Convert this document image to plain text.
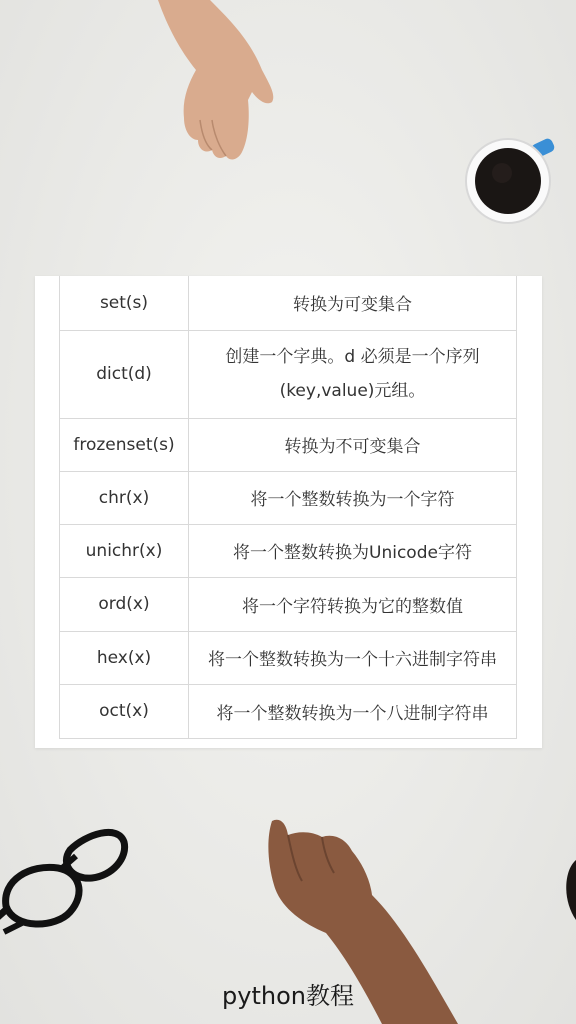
set(s)	转换为可变集合
dict(d)	创建一个字典。d 必须是一个序列
(key,value)元组。

frozenset(s)	转换为不可变集合
chr(x)	将一个整数转换为一个字符
unichr(x)	将一个整数转换为Unicode字符
ord(x)	将一个字符转换为它的整数值
hex(x)	将一个整数转换为一个十六进制字符串
oct(x)	将一个整数转换为一个八进制字符串
python教程
